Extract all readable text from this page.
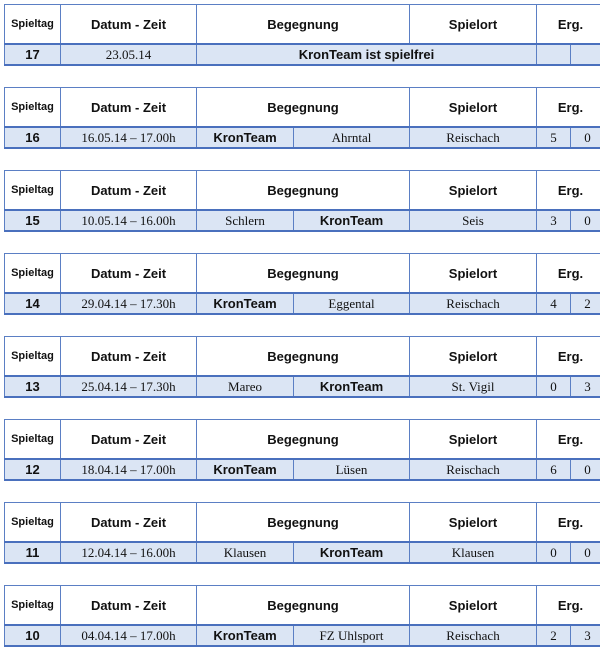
Spieltag	Datum - Zeit	Begegnung	Spielort	Erg.	
17	23.05.14	KronTeam ist spielfrei			
Spieltag	Datum - Zeit	Begegnung		Spielort	Erg.	
16	16.05.14 – 17.00h	KronTeam	Ahrntal	Reischach	5	0
Spieltag	Datum - Zeit	Begegnung		Spielort	Erg.	
15	10.05.14 – 16.00h	Schlern	KronTeam	Seis	3	0
Spieltag	Datum - Zeit	Begegnung		Spielort	Erg.	
14	29.04.14 – 17.30h	KronTeam	Eggental	Reischach	4	2
Spieltag	Datum - Zeit	Begegnung		Spielort	Erg.	
13	25.04.14 – 17.30h	Mareo	KronTeam	St. Vigil	0	3
Spieltag	Datum - Zeit	Begegnung		Spielort	Erg.	
12	18.04.14 – 17.00h	KronTeam	Lüsen	Reischach	6	0
Spieltag	Datum - Zeit	Begegnung		Spielort	Erg.	
11	12.04.14 – 16.00h	Klausen	KronTeam	Klausen	0	0
Spieltag	Datum - Zeit	Begegnung		Spielort	Erg.	
10	04.04.14 – 17.00h	KronTeam	FZ Uhlsport	Reischach	2	3
